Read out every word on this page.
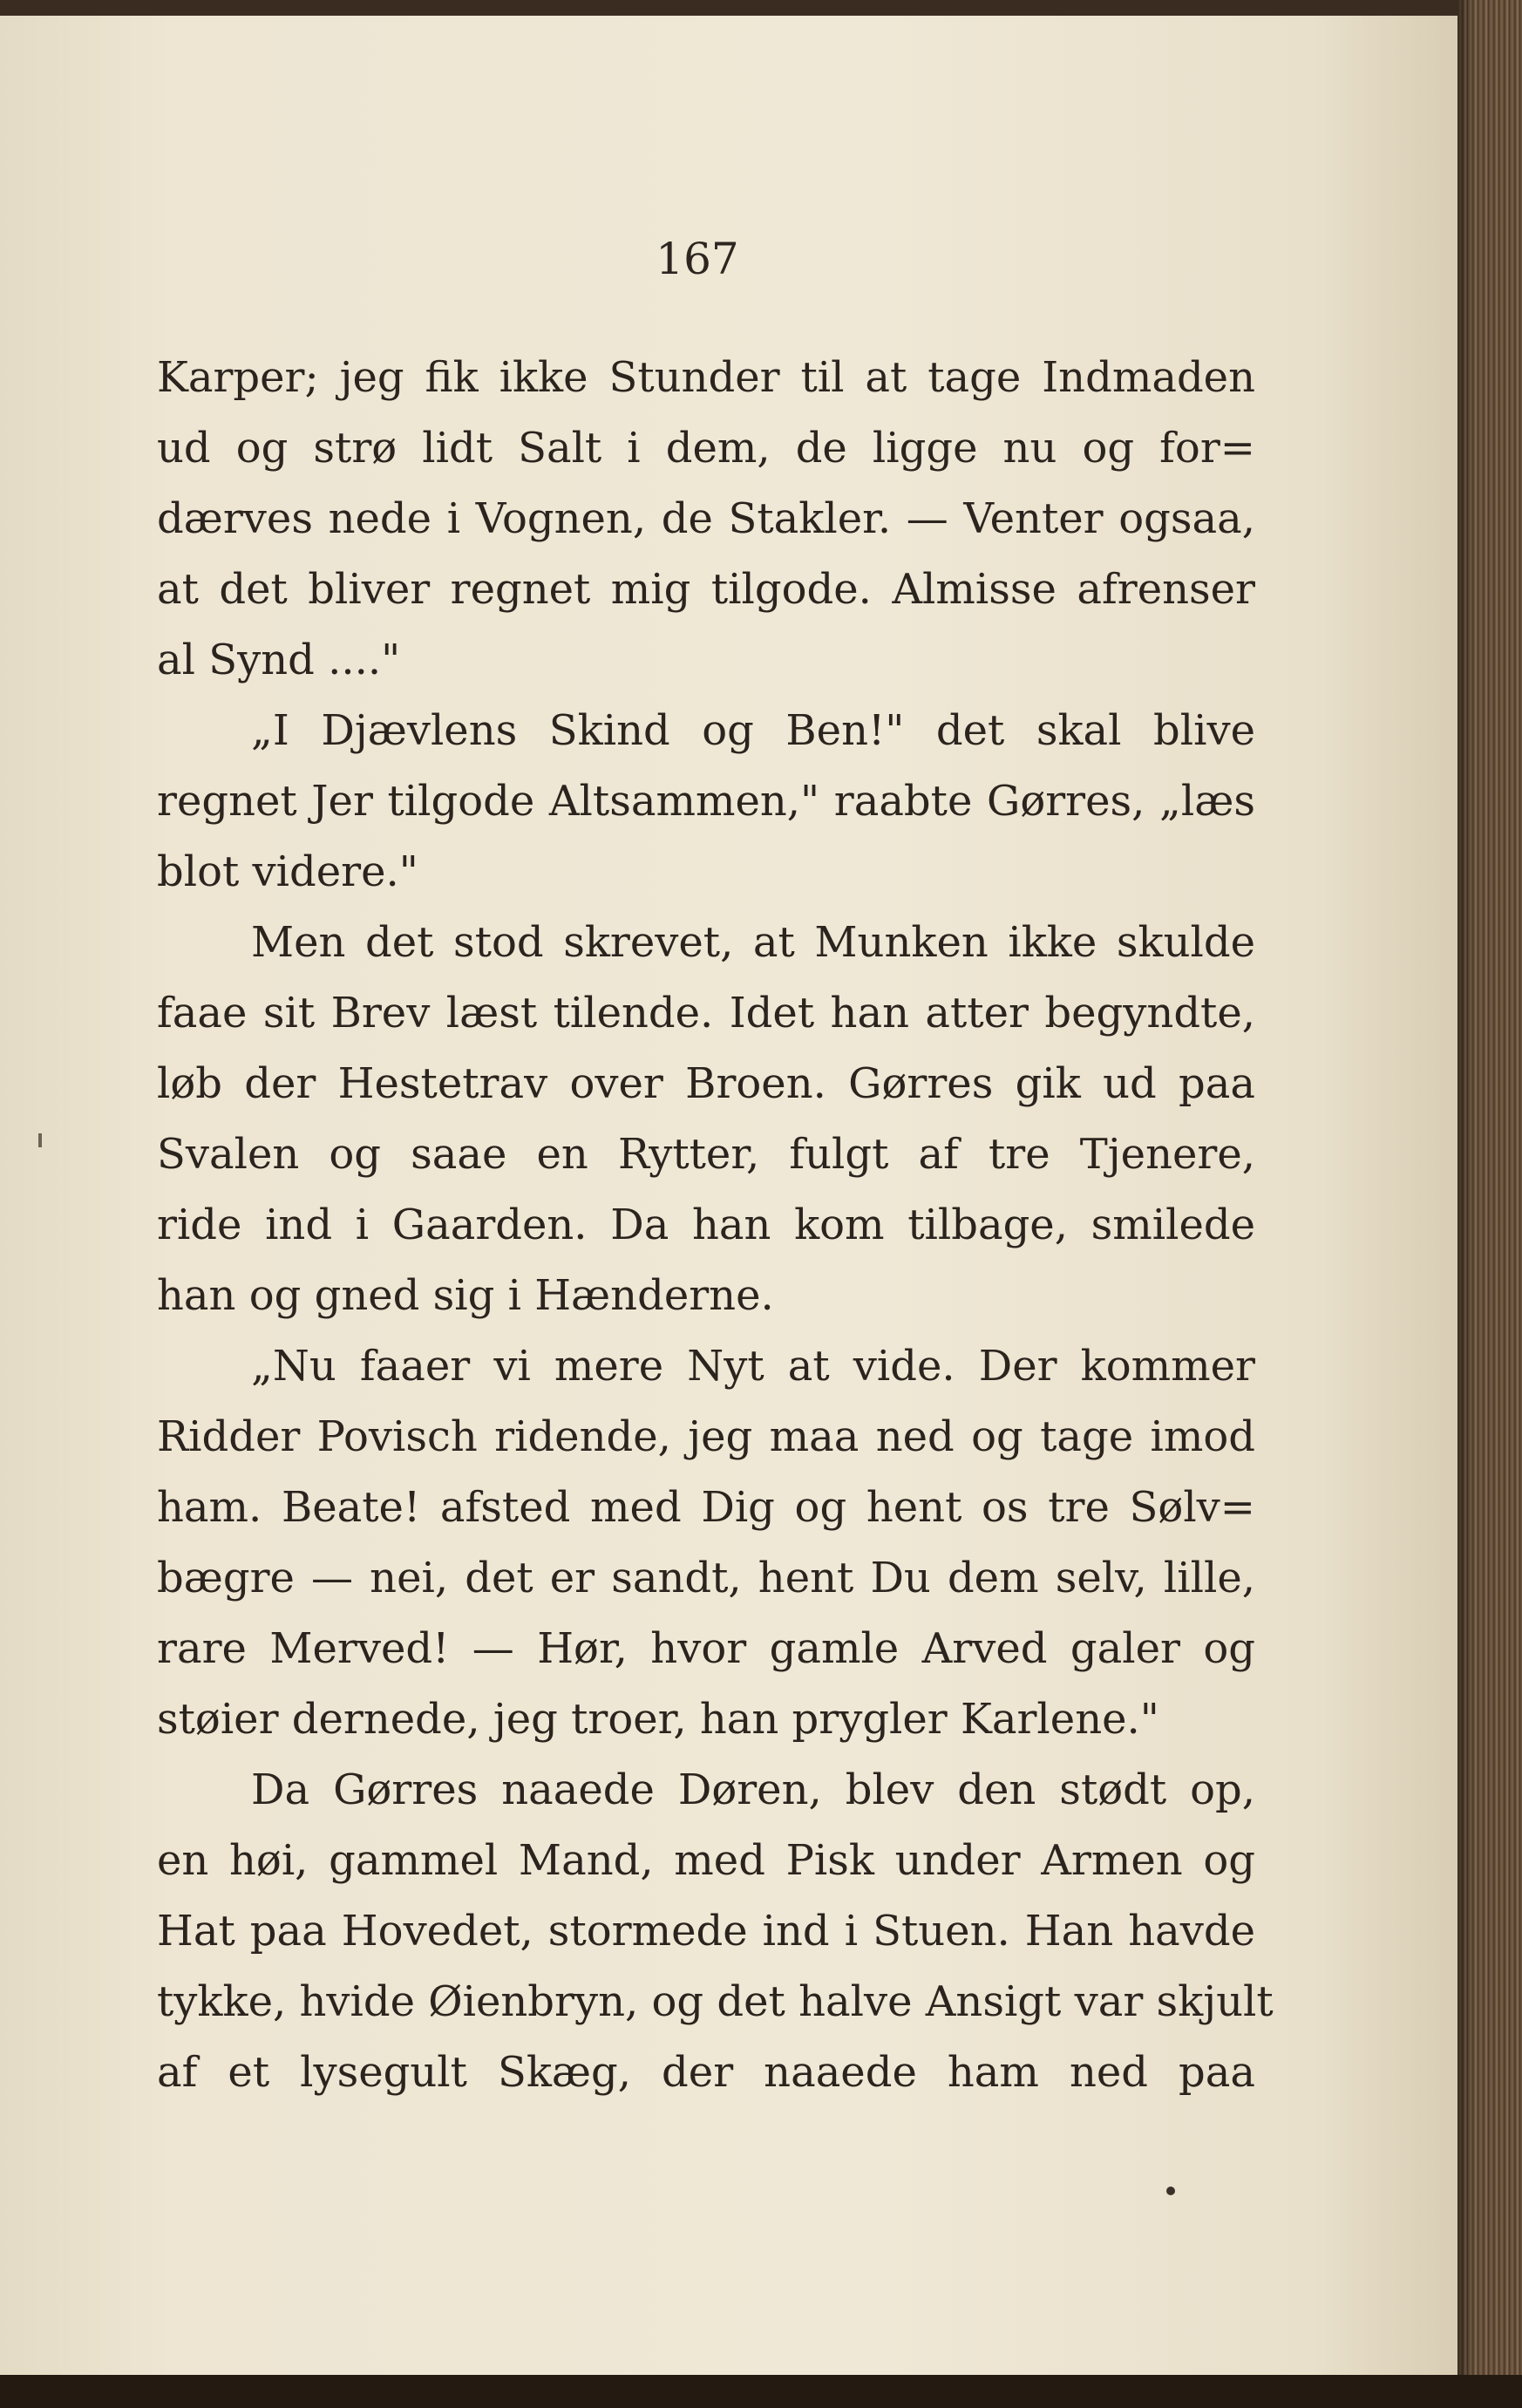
167
Karper; jeg fik ikke Stunder til at tage Indmaden
ud og strø lidt Salt i dem, de ligge nu og for=
dærves nede i Vognen, de Stakler. — Venter ogsaa,
at det bliver regnet mig tilgode. Almisse afrenser
al Synd ...."
„I Djævlens Skind og Ben!" det skal blive
regnet Jer tilgode Altsammen," raabte Gørres, „læs
blot videre."
Men det stod skrevet, at Munken ikke skulde
faae sit Brev læst tilende. Idet han atter begyndte,
løb der Hestetrav over Broen. Gørres gik ud paa
Svalen og saae en Rytter, fulgt af tre Tjenere,
ride ind i Gaarden. Da han kom tilbage, smilede
han og gned sig i Hænderne.
„Nu faaer vi mere Nyt at vide. Der kommer
Ridder Povisch ridende, jeg maa ned og tage imod
ham. Beate! afsted med Dig og hent os tre Sølv=
bægre — nei, det er sandt, hent Du dem selv, lille,
rare Merved! — Hør, hvor gamle Arved galer og
støier dernede, jeg troer, han prygler Karlene."
Da Gørres naaede Døren, blev den stødt op,
en høi, gammel Mand, med Pisk under Armen og
Hat paa Hovedet, stormede ind i Stuen. Han havde
tykke, hvide Øienbryn, og det halve Ansigt var skjult
af et lysegult Skæg, der naaede ham ned paa
